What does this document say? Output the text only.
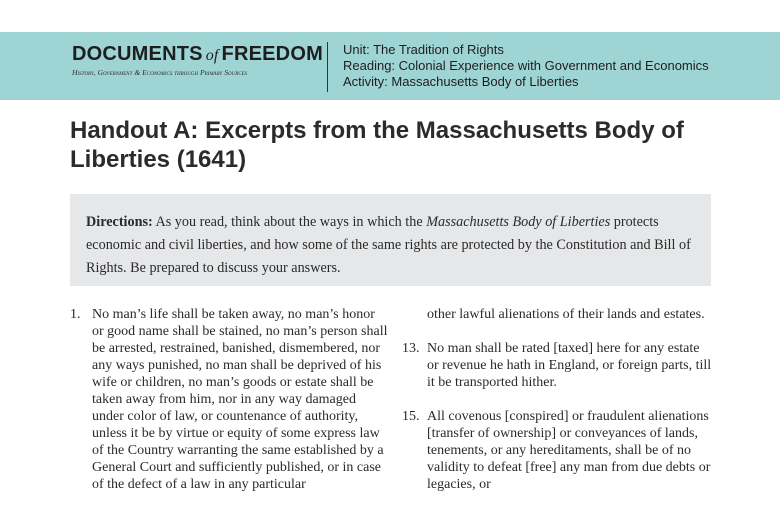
DOCUMENTS of FREEDOM
History, Government & Economics through Primary Sources
Unit: The Tradition of Rights
Reading: Colonial Experience with Government and Economics
Activity: Massachusetts Body of Liberties
Handout A: Excerpts from the Massachusetts Body of Liberties (1641)
Directions: As you read, think about the ways in which the Massachusetts Body of Liberties protects economic and civil liberties, and how some of the same rights are protected by the Constitution and Bill of Rights. Be prepared to discuss your answers.
1. No man’s life shall be taken away, no man’s honor or good name shall be stained, no man’s person shall be arrested, restrained, banished, dismembered, nor any ways punished, no man shall be deprived of his wife or children, no man’s goods or estate shall be taken away from him, nor in any way damaged under color of law, or countenance of authority, unless it be by virtue or equity of some express law of the Country warranting the same established by a General Court and sufficiently published, or in case of the defect of a law in any particular
other lawful alienations of their lands and estates.
13. No man shall be rated [taxed] here for any estate or revenue he hath in England, or foreign parts, till it be transported hither.
15. All covenous [conspired] or fraudulent alienations [transfer of ownership] or conveyances of lands, tenements, or any hereditaments, shall be of no validity to defeat [free] any man from due debts or legacies, or
